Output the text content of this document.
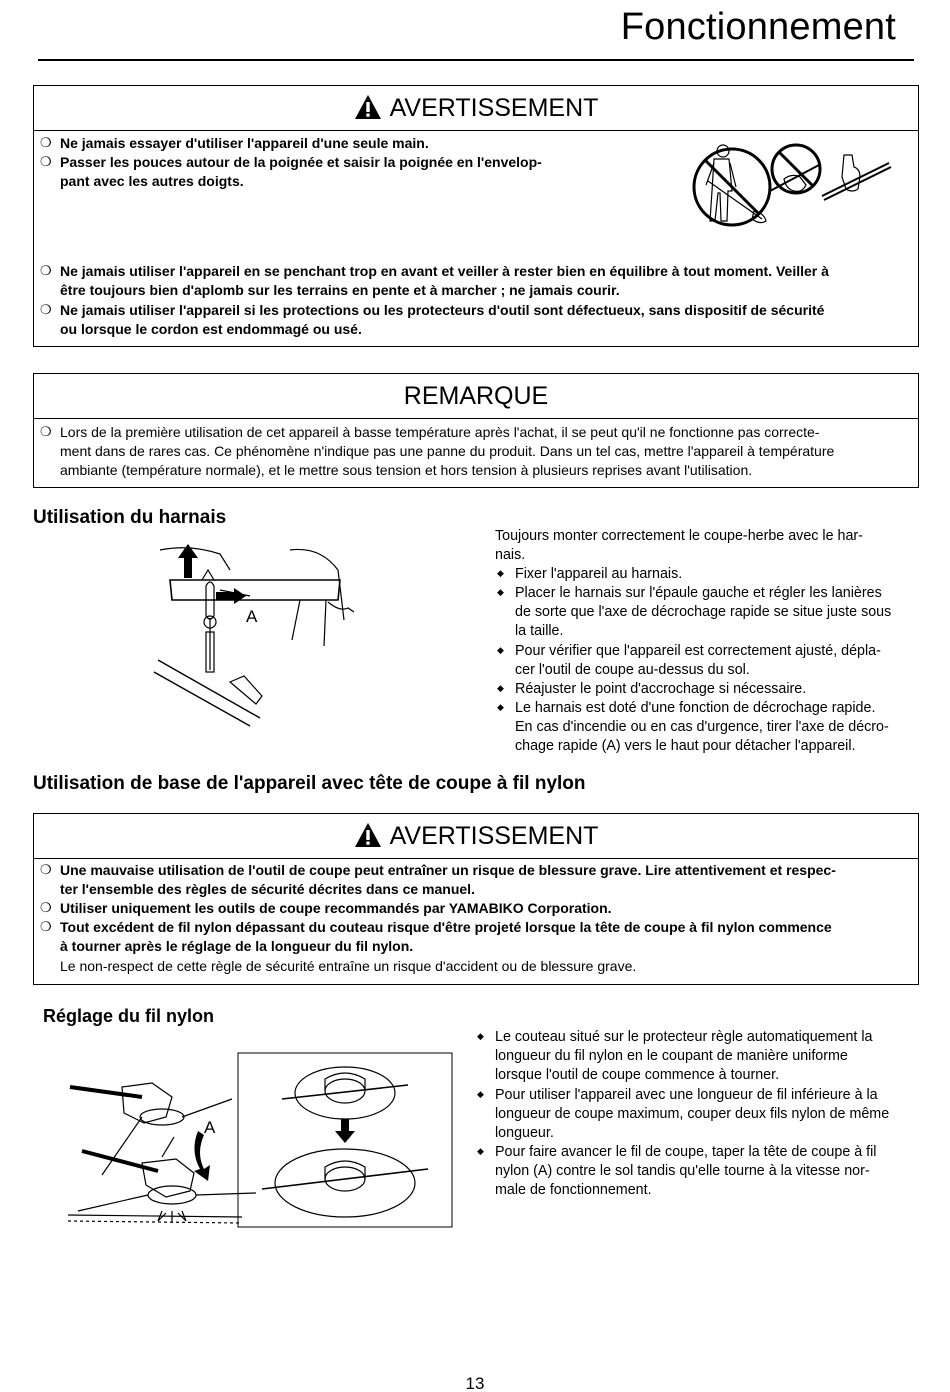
Fonctionnement
AVERTISSEMENT
❍ Ne jamais essayer d'utiliser l'appareil d'une seule main.
❍ Passer les pouces autour de la poignée et saisir la poignée en l'envelop-
pant avec les autres doigts.
❍ Ne jamais utiliser l'appareil en se penchant trop en avant et veiller à rester bien en équilibre à tout moment. Veiller à
être toujours bien d'aplomb sur les terrains en pente et à marcher ; ne jamais courir.
❍ Ne jamais utiliser l'appareil si les protections ou les protecteurs d'outil sont défectueux, sans dispositif de sécurité
ou lorsque le cordon est endommagé ou usé.
REMARQUE
❍ Lors de la première utilisation de cet appareil à basse température après l'achat, il se peut qu'il ne fonctionne pas correcte-
ment dans de rares cas. Ce phénomène n'indique pas une panne du produit. Dans un tel cas, mettre l'appareil à température
ambiante (température normale), et le mettre sous tension et hors tension à plusieurs reprises avant l'utilisation.
Utilisation du harnais
A
Toujours monter correctement le coupe-herbe avec le har-
nais.
◆ Fixer l'appareil au harnais.
◆ Placer le harnais sur l'épaule gauche et régler les lanières
de sorte que l'axe de décrochage rapide se situe juste sous
la taille.
◆ Pour vérifier que l'appareil est correctement ajusté, dépla-
cer l'outil de coupe au-dessus du sol.
◆ Réajuster le point d'accrochage si nécessaire.
◆ Le harnais est doté d'une fonction de décrochage rapide.
En cas d'incendie ou en cas d'urgence, tirer l'axe de décro-
chage rapide (A) vers le haut pour détacher l'appareil.
Utilisation de base de l'appareil avec tête de coupe à fil nylon
AVERTISSEMENT
❍ Une mauvaise utilisation de l'outil de coupe peut entraîner un risque de blessure grave. Lire attentivement et respec-
ter l'ensemble des règles de sécurité décrites dans ce manuel.
❍ Utiliser uniquement les outils de coupe recommandés par YAMABIKO Corporation.
❍ Tout excédent de fil nylon dépassant du couteau risque d'être projeté lorsque la tête de coupe à fil nylon commence
à tourner après le réglage de la longueur du fil nylon.
Le non-respect de cette règle de sécurité entraîne un risque d'accident ou de blessure grave.
Réglage du fil nylon
A
◆ Le couteau situé sur le protecteur règle automatiquement la
longueur du fil nylon en le coupant de manière uniforme
lorsque l'outil de coupe commence à tourner.
◆ Pour utiliser l'appareil avec une longueur de fil inférieure à la
longueur de coupe maximum, couper deux fils nylon de même
longueur.
◆ Pour faire avancer le fil de coupe, taper la tête de coupe à fil
nylon (A) contre le sol tandis qu'elle tourne à la vitesse nor-
male de fonctionnement.
13
